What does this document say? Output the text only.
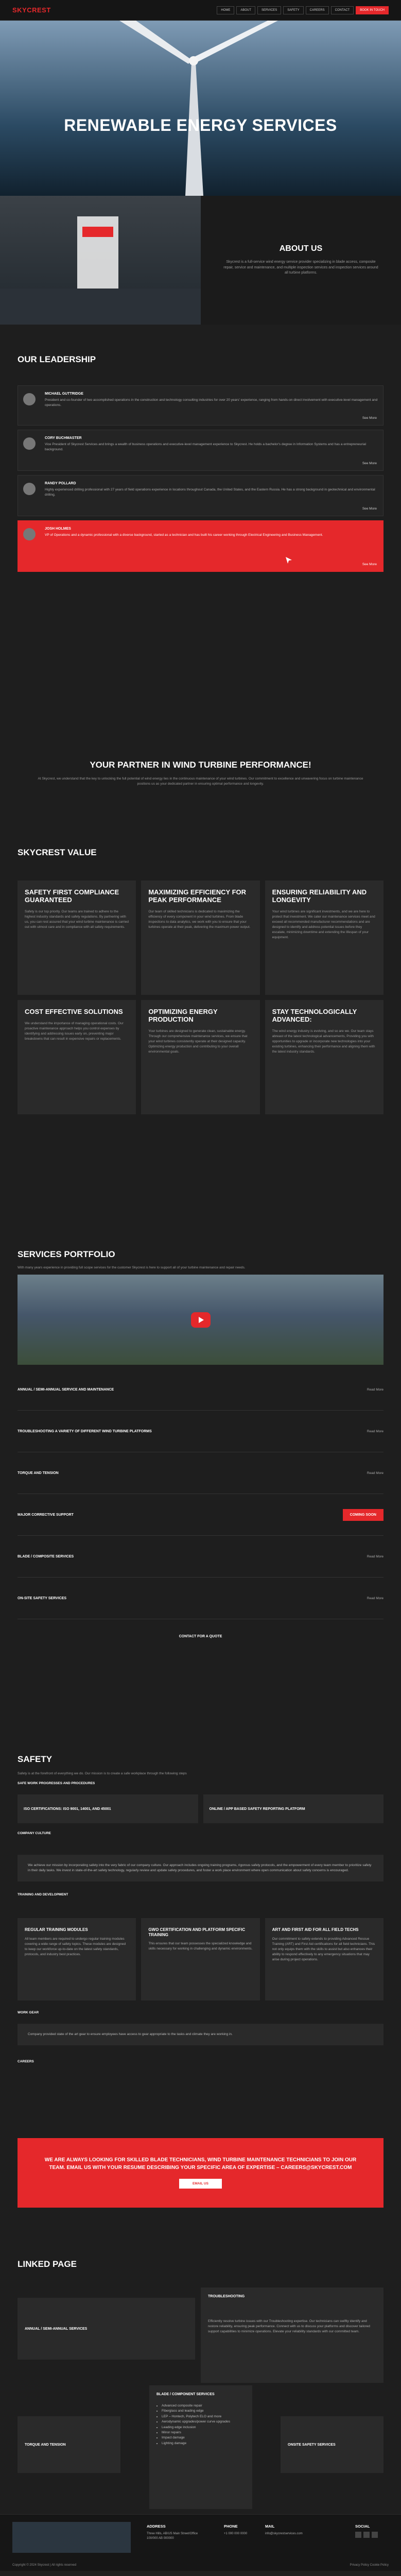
SKYCREST	HOME	ABOUT	SERVICES	SAFETY	CAREERS	CONTACT	BOOK IN TOUCH
RENEWABLE ENERGY SERVICES
ABOUT US

Skycrest is a full-service wind energy service provider specializing in blade access, composite repair, service and maintenance, and multiple inspection services and inspection services around all turbine platforms.

OUR LEADERSHIP
MICHAEL GUTTRIDGE
President and co-founder of two accomplished operations in the construction and technology consulting industries for over 20 years' experience, ranging from hands-on direct involvement with executive-level management and operations.
See More
CORY BUCHMASTER
Vice President of Skycrest Services and brings a wealth of business operations and executive-level management experience to Skycrest. He holds a bachelor's degree in Information Systems and has a entrepreneurial background.
See More
RANDY POLLARD
Highly experienced drilling professional with 27 years of field operations experience in locations throughout Canada, the United States, and the Eastern Russia. He has a strong background in geotechnical and environmental drilling.
See More
JOSH HOLMES
VP of Operations and a dynamic professional with a diverse background, started as a technician and has built his career working through Electrical Engineering and Business Management.
See More
YOUR PARTNER IN WIND TURBINE PERFORMANCE!

At Skycrest, we understand that the key to unlocking the full potential of wind energy lies in the continuous maintenance of your wind turbines. Our commitment to excellence and unwavering focus on turbine maintenance positions us as your dedicated partner in ensuring optimal performance and longevity.

SKYCREST VALUE
SAFETY FIRST COMPLIANCE GUARANTEED

Safety is our top priority. Our teams are trained to adhere to the highest industry standards and safety regulations. By partnering with us, you can rest assured that your wind turbine maintenance is carried out with utmost care and in compliance with all safety requirements.

MAXIMIZING EFFICIENCY FOR PEAK PERFORMANCE

Our team of skilled technicians is dedicated to maximizing the efficiency of every component in your wind turbines. From blade inspections to data analytics, we work with you to ensure that your turbines operate at their peak, delivering the maximum power output.

ENSURING RELIABILITY AND LONGEVITY

Your wind turbines are significant investments, and we are here to protect that investment. We cater our maintenance services meet and exceed all recommended manufacturer recommendations and are designed to identify and address potential issues before they escalate, minimizing downtime and extending the lifespan of your equipment.

COST EFFECTIVE SOLUTIONS

We understand the importance of managing operational costs. Our proactive maintenance approach helps you control expenses by identifying and addressing issues early on, preventing major breakdowns that can result in expensive repairs or replacements.

OPTIMIZING ENERGY PRODUCTION

Your turbines are designed to generate clean, sustainable energy. Through our comprehensive maintenance services, we ensure that your wind turbines consistently operate at their designed capacity. Optimizing energy production and contributing to your overall environmental goals.

STAY TECHNOLOGICALLY ADVANCED:

The wind energy industry is evolving, and so are we. Our team stays abreast of the latest technological advancements, Providing you with opportunities to upgrade or incorporate new technologies into your existing turbines, enhancing their performance and aligning them with the latest industry standards.

SERVICES PORTFOLIO

With many years experience in providing full scope services for the customer Skycrest is here to support all of your turbine maintenance and repair needs.

ANNUAL / SEMI-ANNUAL SERVICE AND MAINTENANCE	Read More
TROUBLESHOOTING A VARIETY OF DIFFERENT WIND TURBINE PLATFORMS	Read More
TORQUE AND TENSION	Read More
MAJOR CORRECTIVE SUPPORT	COMING SOON
BLADE / COMPOSITE SERVICES	Read More
ON-SITE SAFETY SERVICES	Read More
CONTACT FOR A QUOTE
SAFETY

Safety is at the forefront of everything we do. Our mission is to create a safe workplace through the following steps

SAFE WORK PROGRESSES AND PROCEDURES
ISO CERTIFICATIONS: ISO 9001, 14001, AND 45001	ONLINE / APP BASED SAFETY REPORTING PLATFORM
COMPANY CULTURE
We achieve our mission by incorporating safety into the very fabric of our company culture. Our approach includes ongoing training programs, rigorous safety protocols, and the empowerment of every team member to prioritize safety in their daily tasks. We invest in state-of-the-art safety technology, regularly review and update safety procedures, and foster a work place environment where open communication about safety concerns is encouraged.
TRAINING AND DEVELOPMENT
REGULAR TRAINING MODULES

All team members are required to undergo regular training modules covering a wide range of safety topics. These modules are designed to keep our workforce up-to-date on the latest safety standards, protocols, and industry best practices.

GWO CERTIFICATION AND PLATFORM SPECIFIC TRAINING

This ensures that our team possesses the specialized knowledge and skills necessary for working in challenging and dynamic environments.

ART AND FIRST AID FOR ALL FIELD TECHS

Our commitment to safety extends to providing Advanced Rescue Training (ART) and First Aid certifications for all field technicians. This not only equips them with the skills to assist but also enhances their ability to respond effectively to any emergency situations that may arise during project operations.

WORK GEAR
Company provided state of the art gear to ensure employees have access to gear appropriate to the tasks and climate they are working in.
CAREERS
WE ARE ALWAYS LOOKING FOR SKILLED BLADE TECHNICIANS, WIND TURBINE MAINTENANCE TECHNICIANS TO JOIN OUR TEAM. EMAIL US WITH YOUR RESUME DESCRIBING YOUR SPECIFIC AREA OF EXPERTISE – CAREERS@SKYCREST.COM
EMAIL US
LINKED PAGE
ANNUAL / SEMI-ANNUAL SERVICES
TROUBLESHOOTING

Efficiently resolve turbine issues with our Troubleshooting expertise. Our technicians can swiftly identify and restore reliability, ensuring peak performance. Connect with us to discuss your platforms and discover tailored support capabilities to minimize operations. Elevate your reliability standards with our committed team.

TORQUE AND TENSION
BLADE / COMPONENT SERVICES
• Advanced composite repair
• Fiberglass and leading edge
• LEP – Hontech, Polytech ELO and more
• Aerodynamic upgrades/power curve upgrades
• Leading edge inclusion
• Minor repairs
• Impact damage
• Lighting damage	ONSITE SAFETY SERVICES
ADDRESS
Three Hills, AB/US Main Street/Office 100/000 AB 000000
PHONE
+1 000 000 0000
MAIL
info@skycrestservices.com
SOCIAL
Copyright © 2024 Skycrest | All rights reserved	Privacy Policy Cookie Policy
